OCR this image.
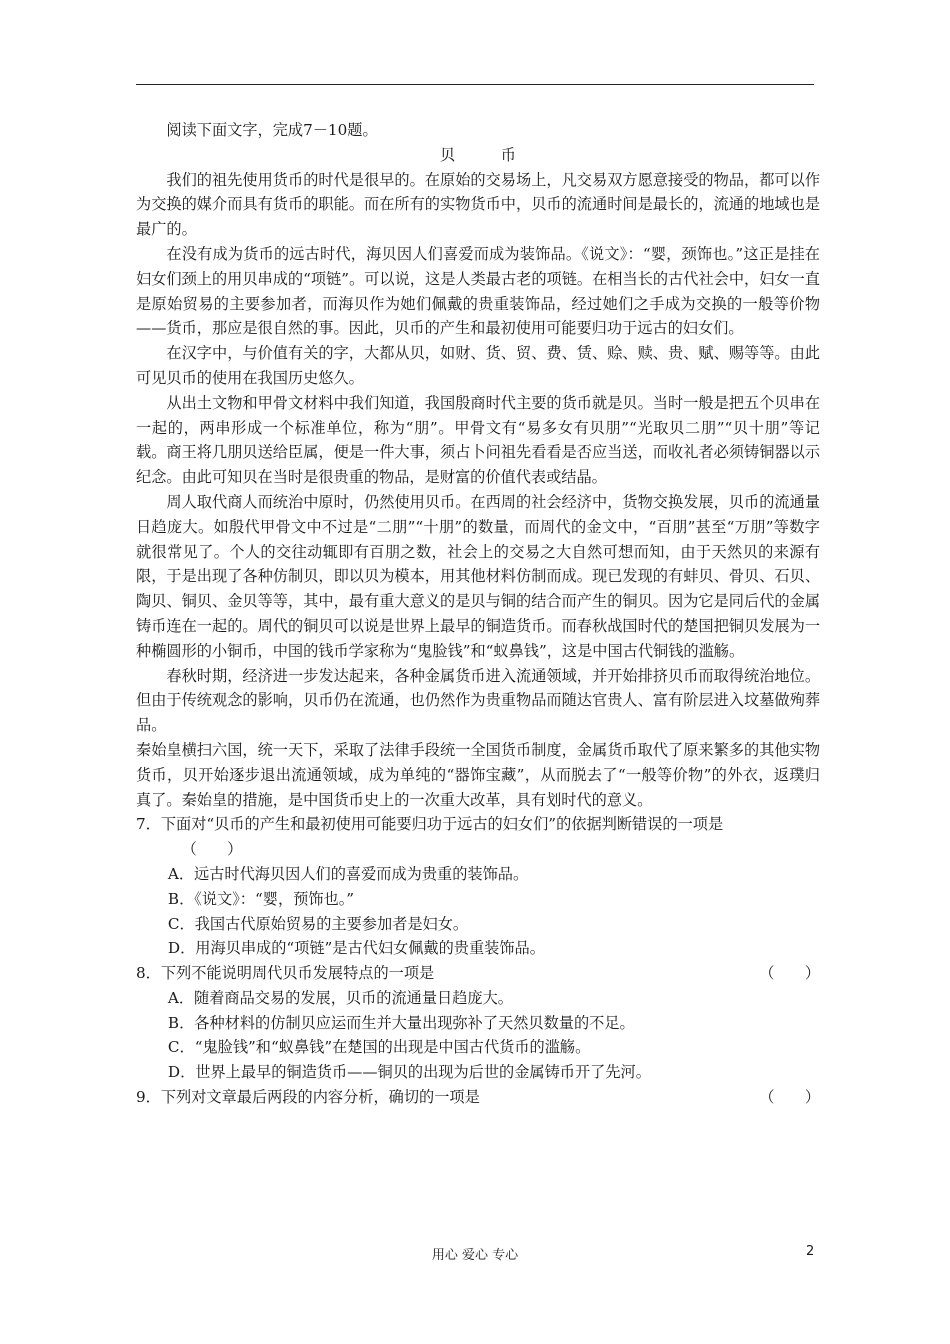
阅读下面文字，完成7－10题。

贝　币

我们的祖先使用货币的时代是很早的。在原始的交易场上，凡交易双方愿意接受的物品，都可以作为交换的媒介而具有货币的职能。而在所有的实物货币中，贝币的流通时间是最长的，流通的地域也是最广的。

在没有成为货币的远古时代，海贝因人们喜爱而成为装饰品。《说文》：“婴，颈饰也。”这正是挂在妇女们颈上的用贝串成的“项链”。可以说，这是人类最古老的项链。在相当长的古代社会中，妇女一直是原始贸易的主要参加者，而海贝作为她们佩戴的贵重装饰品，经过她们之手成为交换的一般等价物——货币，那应是很自然的事。因此，贝币的产生和最初使用可能要归功于远古的妇女们。

在汉字中，与价值有关的字，大都从贝，如财、货、贸、费、赁、赊、赎、贵、赋、赐等等。由此可见贝币的使用在我国历史悠久。

从出土文物和甲骨文材料中我们知道，我国殷商时代主要的货币就是贝。当时一般是把五个贝串在一起的，两串形成一个标准单位，称为“朋”。甲骨文有“易多女有贝朋”“光取贝二朋”“贝十朋”等记载。商王将几朋贝送给臣属，便是一件大事，须占卜问祖先看看是否应当送，而收礼者必须铸铜器以示纪念。由此可知贝在当时是很贵重的物品，是财富的价值代表或结晶。

周人取代商人而统治中原时，仍然使用贝币。在西周的社会经济中，货物交换发展，贝币的流通量日趋庞大。如殷代甲骨文中不过是“二朋”“十朋”的数量，而周代的金文中，“百朋”甚至“万朋”等数字就很常见了。个人的交往动辄即有百朋之数，社会上的交易之大自然可想而知，由于天然贝的来源有限，于是出现了各种仿制贝，即以贝为模本，用其他材料仿制而成。现已发现的有蚌贝、骨贝、石贝、陶贝、铜贝、金贝等等，其中，最有重大意义的是贝与铜的结合而产生的铜贝。因为它是同后代的金属铸币连在一起的。周代的铜贝可以说是世界上最早的铜造货币。而春秋战国时代的楚国把铜贝发展为一种椭圆形的小铜币，中国的钱币学家称为“鬼脸钱”和“蚁鼻钱”，这是中国古代铜钱的滥觞。

春秋时期，经济进一步发达起来，各种金属货币进入流通领域，并开始排挤贝币而取得统治地位。但由于传统观念的影响，贝币仍在流通，也仍然作为贵重物品而随达官贵人、富有阶层进入坟墓做殉葬品。

秦始皇横扫六国，统一天下，采取了法律手段统一全国货币制度，金属货币取代了原来繁多的其他实物货币，贝开始逐步退出流通领域，成为单纯的“器饰宝藏”，从而脱去了“一般等价物”的外衣，返璞归真了。秦始皇的措施，是中国货币史上的一次重大改革，具有划时代的意义。

7．下面对“贝币的产生和最初使用可能要归功于远古的妇女们”的依据判断错误的一项是
（　　）

A．远古时代海贝因人们的喜爱而成为贵重的装饰品。

B．《说文》：“婴，预饰也。”

C．我国古代原始贸易的主要参加者是妇女。

D．用海贝串成的“项链”是古代妇女佩戴的贵重装饰品。

8．下列不能说明周代贝币发展特点的一项是	（　　）

A．随着商品交易的发展，贝币的流通量日趋庞大。

B．各种材料的仿制贝应运而生并大量出现弥补了天然贝数量的不足。

C．“鬼脸钱”和“蚁鼻钱”在楚国的出现是中国古代货币的滥觞。

D．世界上最早的铜造货币——铜贝的出现为后世的金属铸币开了先河。

9．下列对文章最后两段的内容分析，确切的一项是	（　　）
用心 爱心 专心	2
